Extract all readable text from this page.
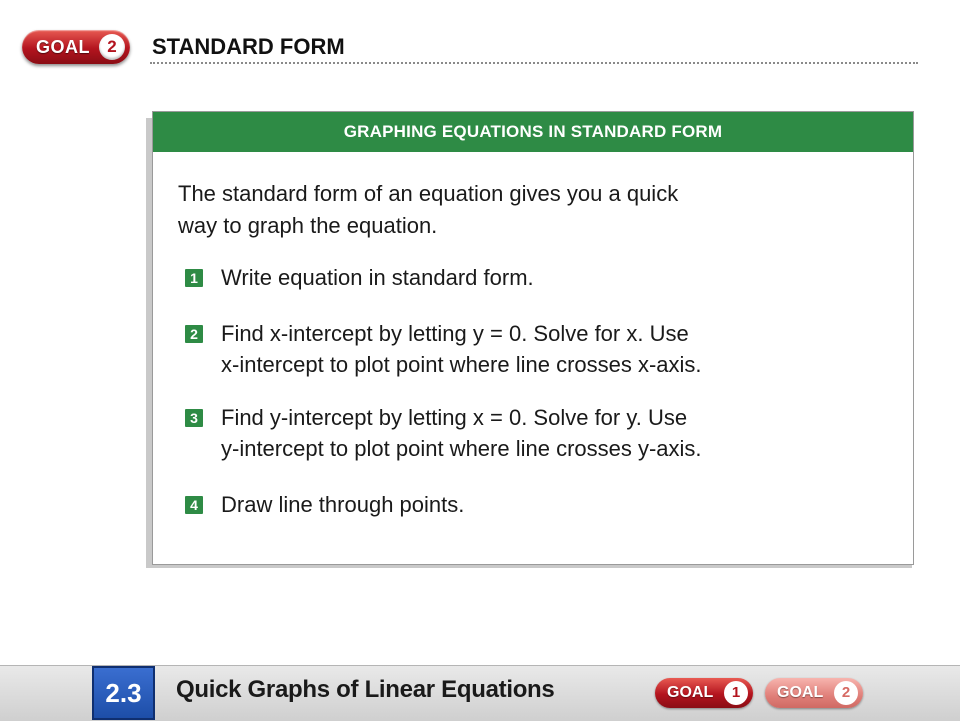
GOAL	2	STANDARD FORM
GRAPHING EQUATIONS IN STANDARD FORM
The standard form of an equation gives you a quick
way to graph the equation.
1 Write equation in standard form.
2 Find x-intercept by letting y = 0. Solve for x. Use
x-intercept to plot point where line crosses x-axis.
3 Find y-intercept by letting x = 0. Solve for y. Use
y-intercept to plot point where line crosses y-axis.
4 Draw line through points.
2.3	Quick Graphs of Linear Equations	GOAL	1	GOAL	2
